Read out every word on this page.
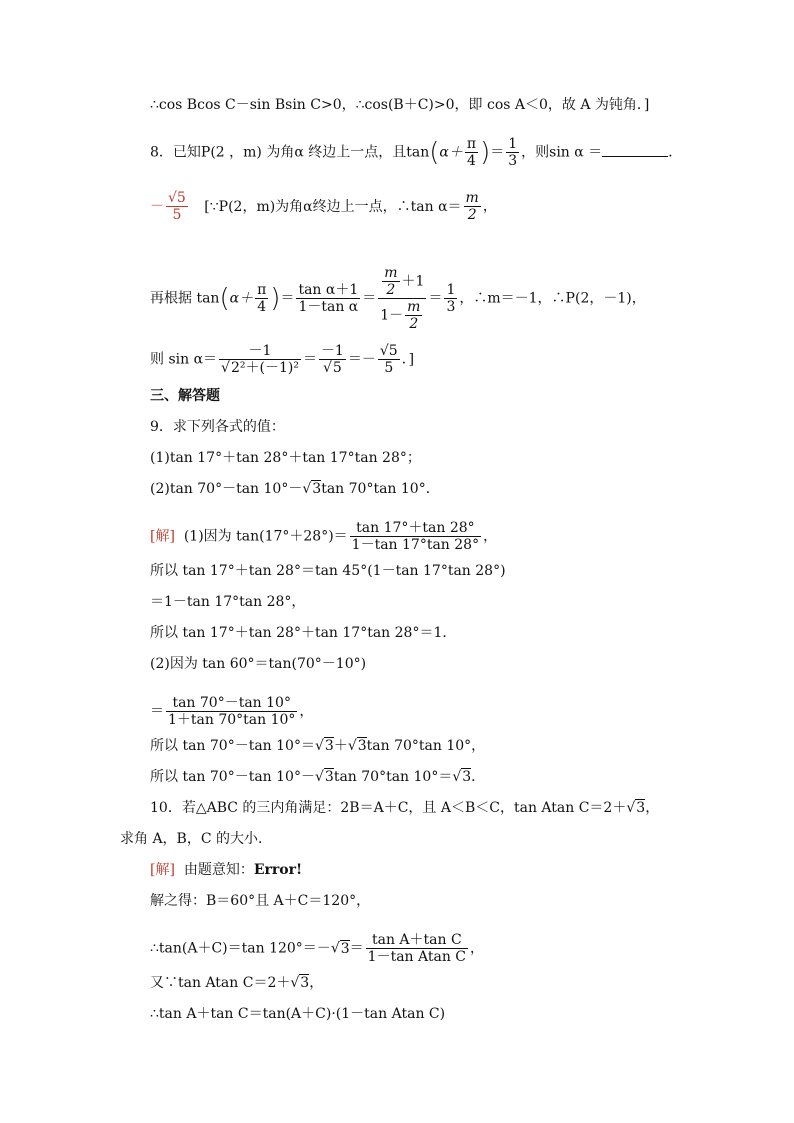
∴cos Bcos C－sin Bsin C>0，∴cos(B＋C)>0，即 cos A＜0，故 A 为钝角．]
8．已知P(2 ，m) 为角α 终边上一点，且$\tan(\alpha+ \frac{\pi}{4}$ )＝ $\frac{1}{3}$ ，则sin α ＝	．
－ $\frac{√5}{5}$ [∵P(2，m)为角α终边上一点，∴tan $\alpha= \frac{m}{2}$ ，
再根据 $\tan(\alpha+ \frac{\pi}{4}$ )＝ $\frac{\text{tan α＋1}}{\text{1－tan α}} = \frac{\frac{m}{2} +1}{1- \frac{m}{2}} = \frac{1}{3}$ ，∴m＝－1，∴P(2，－1)，
则 $\sin \alpha= \frac{-1}{\text{√2²＋(－1)²}} = \frac{-1}{√5} =- \frac{√5}{5}$ ．]
三、解答题
9．求下列各式的值：
(1)tan 17°＋tan 28°＋tan 17°tan 28°；
(2)tan 70°－tan 10°－√3tan 70°tan 10°．
[解] (1)因为 $\tan(17^\circ+28^\circ)= \frac{\tan 17^\circ+\tan 28^\circ}{1-\tan 17^\circ\tan 28^\circ}$ ，
所以 tan 17°＋tan 28°＝tan 45°(1－tan 17°tan 28°)
＝1－tan 17°tan 28°，
所以 tan 17°＋tan 28°＋tan 17°tan 28°＝1．
(2)因为 tan 60°＝tan(70°－10°)
＝ $\frac{\tan 70^\circ-\tan 10^\circ}{1+\tan 70^\circ\tan 10^\circ}$ ，
所以 tan 70°－tan 10°＝√3＋√3tan 70°tan 10°，
所以 tan 70°－tan 10°－√3tan 70°tan 10°＝√3．
10．若△ABC 的三内角满足：2B＝A＋C，且 A＜B＜C，tan Atan C＝2＋√3，
求角 A，B，C 的大小．
[解] 由题意知：Error!
解之得：B＝60°且 A＋C＝120°，
∴tan(A＋C)＝tan $120^\circ=-√3= \frac{\text{tan A＋tan C}}{\text{1－tan Atan C}}$ ，
又∵tan Atan C＝2＋√3，
∴tan A＋tan C＝tan(A＋C)·(1－tan Atan C)
